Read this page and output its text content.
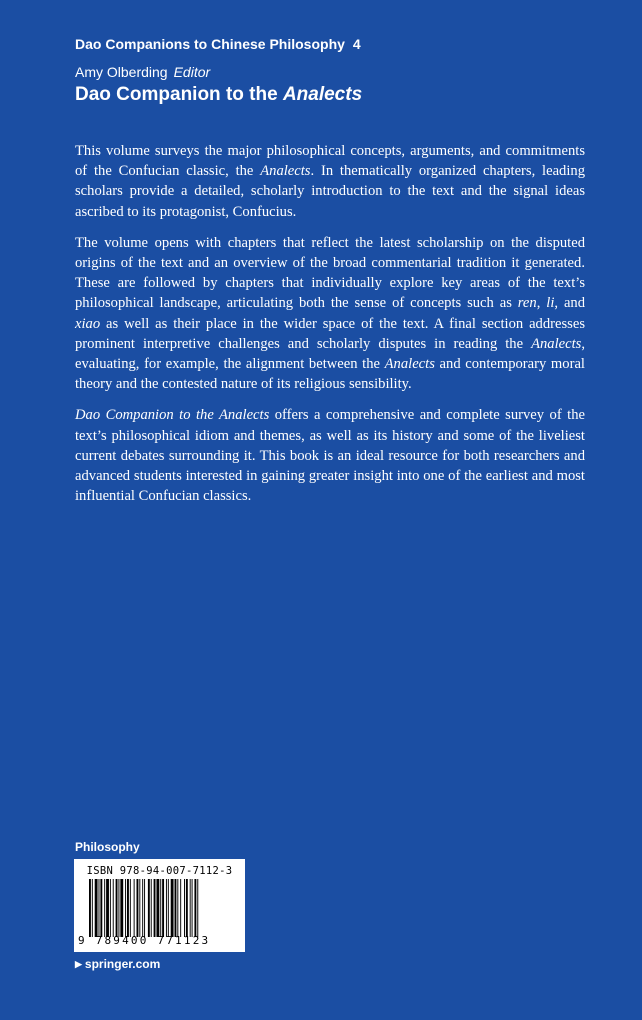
Dao Companions to Chinese Philosophy 4
Amy Olberding Editor
Dao Companion to the Analects

This volume surveys the major philosophical concepts, arguments, and commitments of the Confucian classic, the Analects. In thematically organized chapters, leading scholars provide a detailed, scholarly introduction to the text and the signal ideas ascribed to its protagonist, Confucius.

The volume opens with chapters that reflect the latest scholarship on the disputed origins of the text and an overview of the broad commentarial tradition it generated. These are followed by chapters that individually explore key areas of the text’s philosophical landscape, articulating both the sense of concepts such as ren, li, and xiao as well as their place in the wider space of the text. A final section addresses prominent interpretive challenges and scholarly disputes in reading the Analects, evaluating, for example, the alignment between the Analects and contemporary moral theory and the contested nature of its religious sensibility.

Dao Companion to the Analects offers a comprehensive and complete survey of the text’s philosophical idiom and themes, as well as its history and some of the liveliest current debates surrounding it. This book is an ideal resource for both researchers and advanced students interested in gaining greater insight into one of the earliest and most influential Confucian classics.

Philosophy
ISBN 978-94-007-7112-3
9 789400 771123
▶ springer.com
